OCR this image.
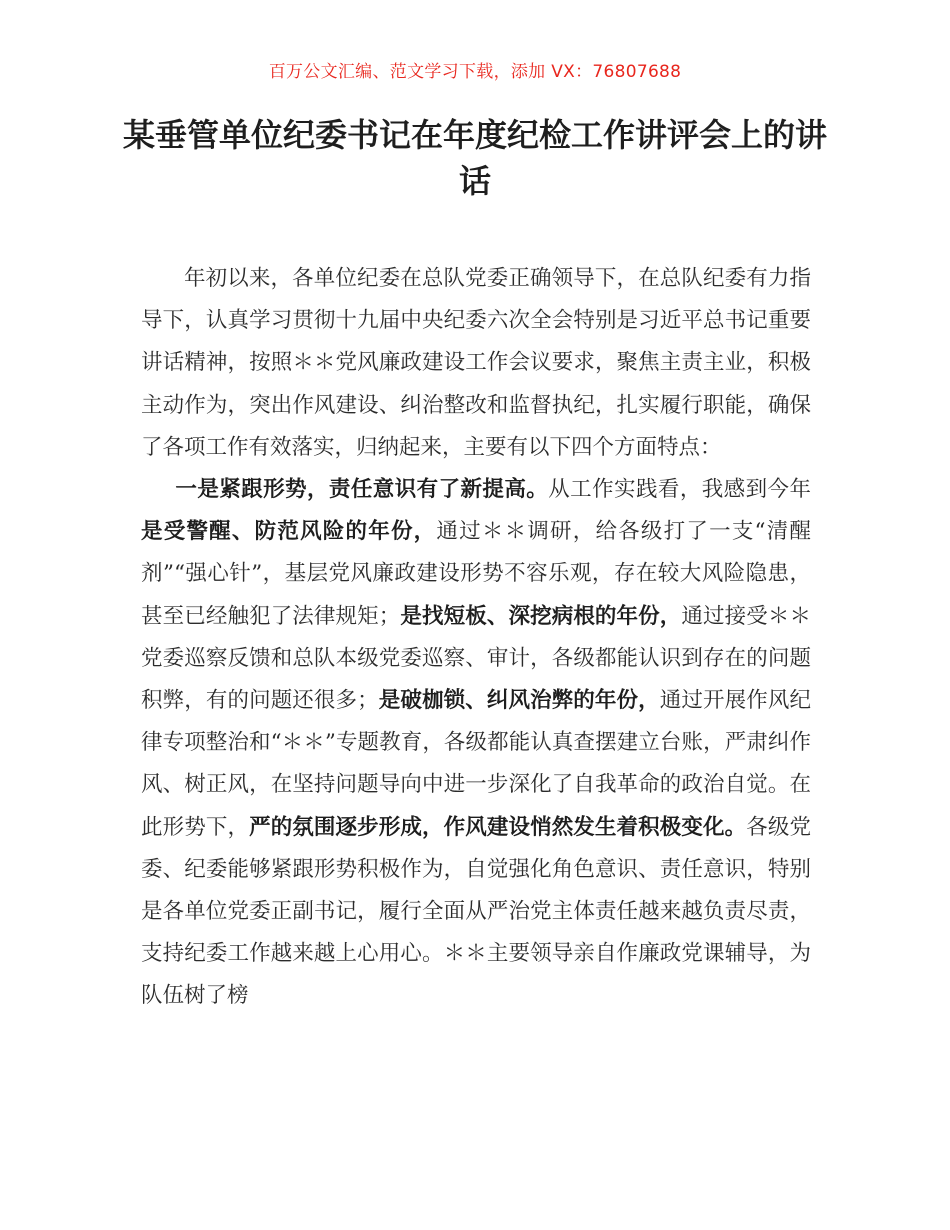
百万公文汇编、范文学习下载，添加 VX：76807688
某垂管单位纪委书记在年度纪检工作讲评会上的讲话

年初以来，各单位纪委在总队党委正确领导下，在总队纪委有力指导下，认真学习贯彻十九届中央纪委六次全会特别是习近平总书记重要讲话精神，按照＊＊党风廉政建设工作会议要求，聚焦主责主业，积极主动作为，突出作风建设、纠治整改和监督执纪，扎实履行职能，确保了各项工作有效落实，归纳起来，主要有以下四个方面特点：

一是紧跟形势，责任意识有了新提高。从工作实践看，我感到今年是受警醒、防范风险的年份，通过＊＊调研，给各级打了一支“清醒剂”“强心针”，基层党风廉政建设形势不容乐观，存在较大风险隐患，甚至已经触犯了法律规矩；是找短板、深挖病根的年份，通过接受＊＊党委巡察反馈和总队本级党委巡察、审计，各级都能认识到存在的问题积弊，有的问题还很多；是破枷锁、纠风治弊的年份，通过开展作风纪律专项整治和“＊＊”专题教育，各级都能认真查摆建立台账，严肃纠作风、树正风，在坚持问题导向中进一步深化了自我革命的政治自觉。在此形势下，严的氛围逐步形成，作风建设悄然发生着积极变化。各级党委、纪委能够紧跟形势积极作为，自觉强化角色意识、责任意识，特别是各单位党委正副书记，履行全面从严治党主体责任越来越负责尽责，支持纪委工作越来越上心用心。＊＊主要领导亲自作廉政党课辅导，为队伍树了榜
